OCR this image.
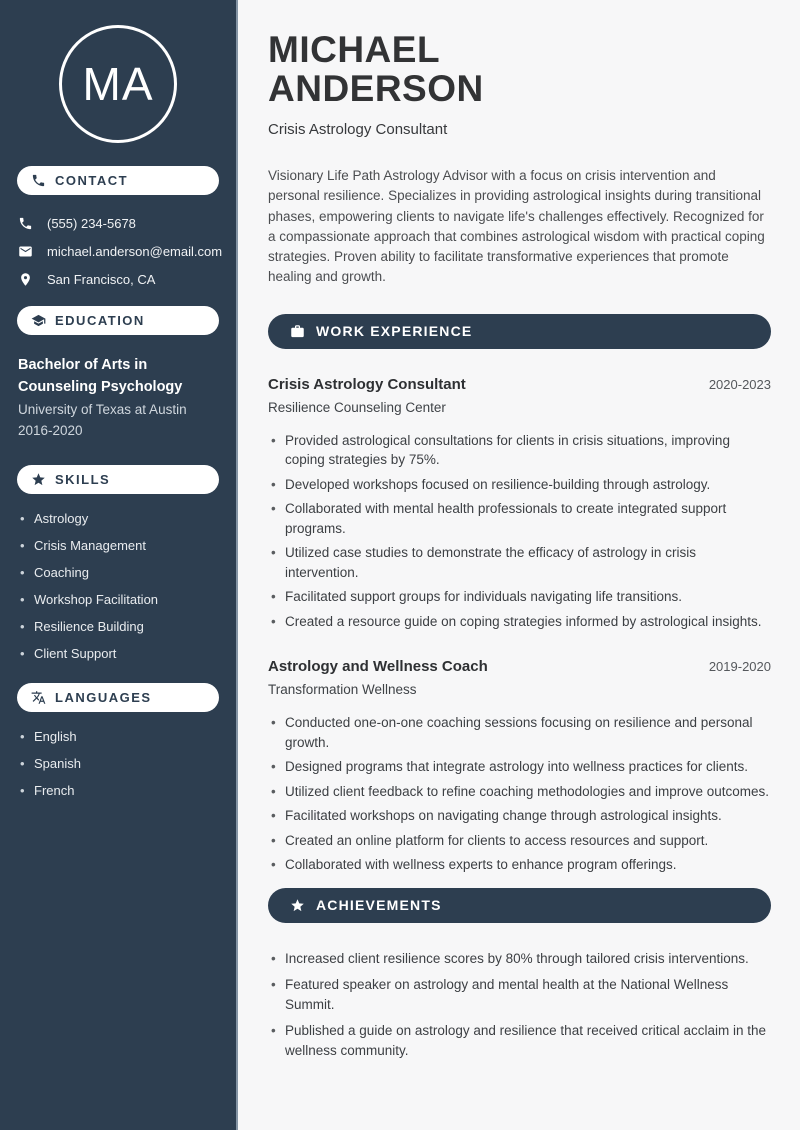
MA
CONTACT
(555) 234-5678
michael.anderson@email.com
San Francisco, CA
EDUCATION
Bachelor of Arts in Counseling Psychology
University of Texas at Austin
2016-2020
SKILLS
• Astrology
• Crisis Management
• Coaching
• Workshop Facilitation
• Resilience Building
• Client Support
LANGUAGES
• English
• Spanish
• French
MICHAEL
ANDERSON
Crisis Astrology Consultant

Visionary Life Path Astrology Advisor with a focus on crisis intervention and personal resilience. Specializes in providing astrological insights during transitional phases, empowering clients to navigate life's challenges effectively. Recognized for a compassionate approach that combines astrological wisdom with practical coping strategies. Proven ability to facilitate transformative experiences that promote healing and growth.

WORK EXPERIENCE
Crisis Astrology Consultant	2020-2023
Resilience Counseling Center
• Provided astrological consultations for clients in crisis situations, improving coping strategies by 75%.
• Developed workshops focused on resilience-building through astrology.
• Collaborated with mental health professionals to create integrated support programs.
• Utilized case studies to demonstrate the efficacy of astrology in crisis intervention.
• Facilitated support groups for individuals navigating life transitions.
• Created a resource guide on coping strategies informed by astrological insights.
Astrology and Wellness Coach	2019-2020
Transformation Wellness
• Conducted one-on-one coaching sessions focusing on resilience and personal growth.
• Designed programs that integrate astrology into wellness practices for clients.
• Utilized client feedback to refine coaching methodologies and improve outcomes.
• Facilitated workshops on navigating change through astrological insights.
• Created an online platform for clients to access resources and support.
• Collaborated with wellness experts to enhance program offerings.
ACHIEVEMENTS
• Increased client resilience scores by 80% through tailored crisis interventions.
• Featured speaker on astrology and mental health at the National Wellness Summit.
• Published a guide on astrology and resilience that received critical acclaim in the wellness community.
